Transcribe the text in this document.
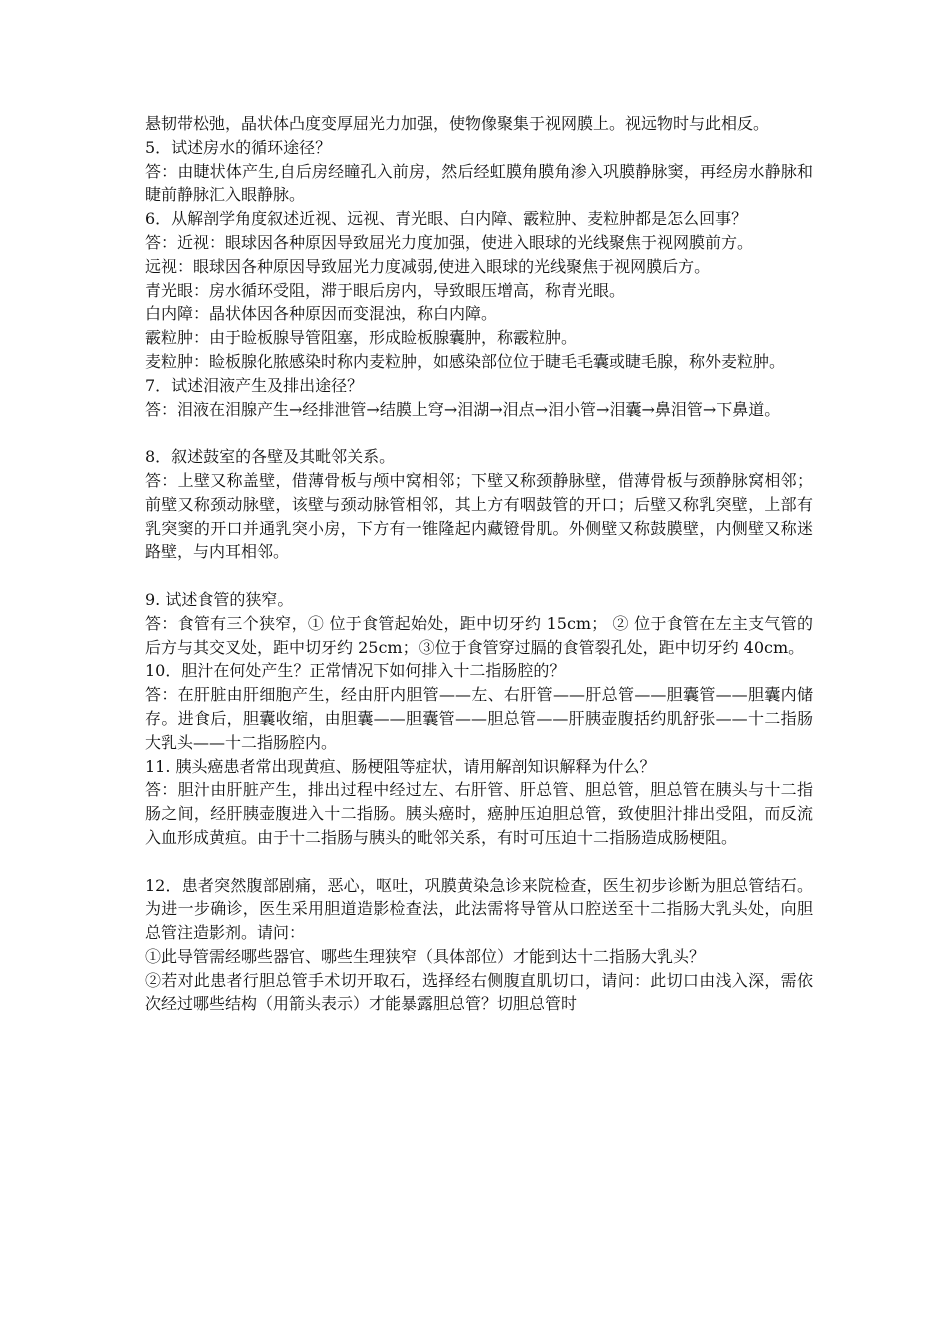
悬韧带松弛，晶状体凸度变厚屈光力加强，使物像聚集于视网膜上。视远物时与此相反。

5．试述房水的循环途径？

答：由睫状体产生,自后房经瞳孔入前房，然后经虹膜角膜角渗入巩膜静脉窦，再经房水静脉和睫前静脉汇入眼静脉。

6．从解剖学角度叙述近视、远视、青光眼、白内障、霰粒肿、麦粒肿都是怎么回事？

答：近视：眼球因各种原因导致屈光力度加强，使进入眼球的光线聚焦于视网膜前方。

远视：眼球因各种原因导致屈光力度减弱,使进入眼球的光线聚焦于视网膜后方。

青光眼：房水循环受阻，滞于眼后房内，导致眼压增高，称青光眼。

白内障：晶状体因各种原因而变混浊，称白内障。

霰粒肿：由于睑板腺导管阻塞，形成睑板腺囊肿，称霰粒肿。

麦粒肿：睑板腺化脓感染时称内麦粒肿，如感染部位位于睫毛毛囊或睫毛腺，称外麦粒肿。

7．试述泪液产生及排出途径？

答：泪液在泪腺产生→经排泄管→结膜上穹→泪湖→泪点→泪小管→泪囊→鼻泪管→下鼻道。

8．叙述鼓室的各壁及其毗邻关系。

答：上壁又称盖壁，借薄骨板与颅中窝相邻；下壁又称颈静脉壁，借薄骨板与颈静脉窝相邻；前壁又称颈动脉壁，该壁与颈动脉管相邻，其上方有咽鼓管的开口；后壁又称乳突壁，上部有乳突窦的开口并通乳突小房，下方有一锥隆起内藏镫骨肌。外侧壁又称鼓膜壁，内侧壁又称迷路壁，与内耳相邻。

9. 试述食管的狭窄。

答：食管有三个狭窄，① 位于食管起始处，距中切牙约 15cm； ② 位于食管在左主支气管的后方与其交叉处，距中切牙约 25cm；③位于食管穿过膈的食管裂孔处，距中切牙约 40cm。

10．胆汁在何处产生？正常情况下如何排入十二指肠腔的？

答：在肝脏由肝细胞产生，经由肝内胆管——左、右肝管——肝总管——胆囊管——胆囊内储存。进食后，胆囊收缩，由胆囊——胆囊管——胆总管——肝胰壶腹括约肌舒张——十二指肠大乳头——十二指肠腔内。

11. 胰头癌患者常出现黄疸、肠梗阻等症状，请用解剖知识解释为什么？

答：胆汁由肝脏产生，排出过程中经过左、右肝管、肝总管、胆总管，胆总管在胰头与十二指肠之间，经肝胰壶腹进入十二指肠。胰头癌时，癌肿压迫胆总管，致使胆汁排出受阻，而反流入血形成黄疸。由于十二指肠与胰头的毗邻关系，有时可压迫十二指肠造成肠梗阻。

12．患者突然腹部剧痛，恶心，呕吐，巩膜黄染急诊来院检查，医生初步诊断为胆总管结石。为进一步确诊，医生采用胆道造影检查法，此法需将导管从口腔送至十二指肠大乳头处，向胆总管注造影剂。请问：

①此导管需经哪些器官、哪些生理狭窄（具体部位）才能到达十二指肠大乳头？

②若对此患者行胆总管手术切开取石，选择经右侧腹直肌切口，请问：此切口由浅入深，需依次经过哪些结构（用箭头表示）才能暴露胆总管？切胆总管时
